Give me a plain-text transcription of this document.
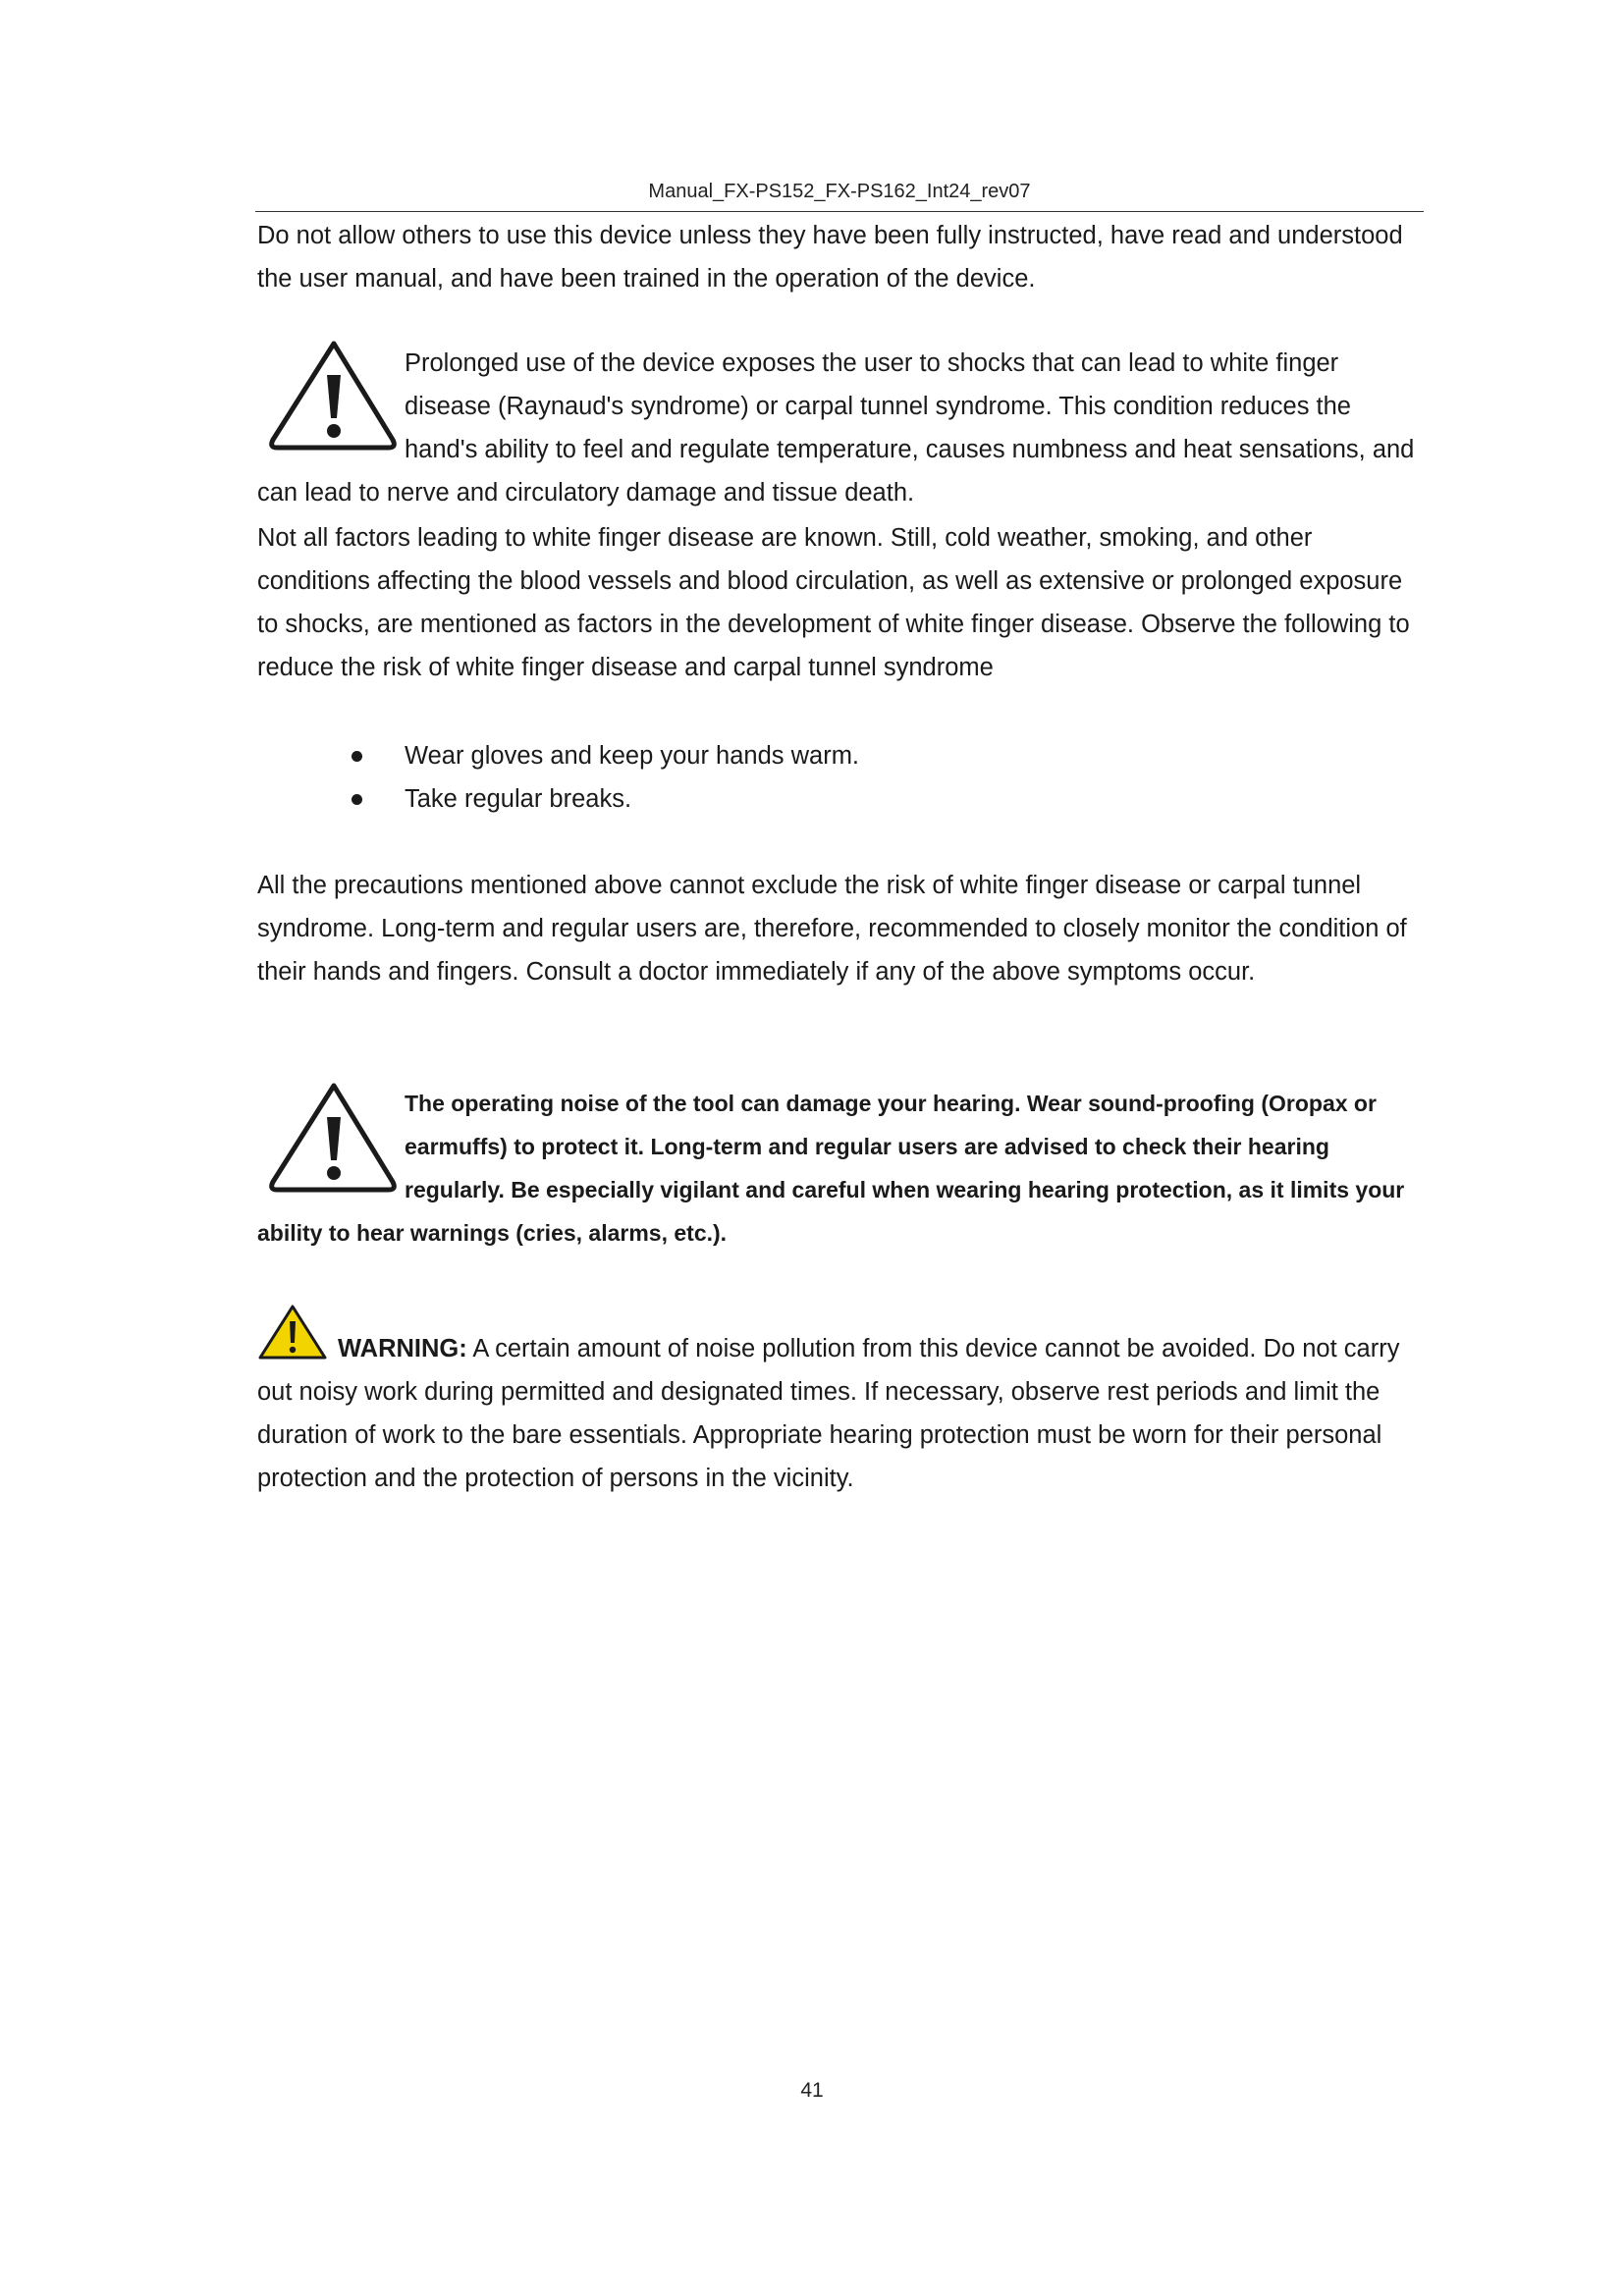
Manual_FX-PS152_FX-PS162_Int24_rev07

Do not allow others to use this device unless they have been fully instructed, have read and understood the user manual, and have been trained in the operation of the device.

Prolonged use of the device exposes the user to shocks that can lead to white finger disease (Raynaud's syndrome) or carpal tunnel syndrome. This condition reduces the hand's ability to feel and regulate temperature, causes numbness and heat sensations, and can lead to nerve and circulatory damage and tissue death.

Not all factors leading to white finger disease are known. Still, cold weather, smoking, and other conditions affecting the blood vessels and blood circulation, as well as extensive or prolonged exposure to shocks, are mentioned as factors in the development of white finger disease. Observe the following to reduce the risk of white finger disease and carpal tunnel syndrome

Wear gloves and keep your hands warm.
Take regular breaks.

All the precautions mentioned above cannot exclude the risk of white finger disease or carpal tunnel syndrome. Long-term and regular users are, therefore, recommended to closely monitor the condition of their hands and fingers. Consult a doctor immediately if any of the above symptoms occur.

The operating noise of the tool can damage your hearing. Wear sound-proofing (Oropax or earmuffs) to protect it. Long-term and regular users are advised to check their hearing regularly. Be especially vigilant and careful when wearing hearing protection, as it limits your ability to hear warnings (cries, alarms, etc.).

WARNING: A certain amount of noise pollution from this device cannot be avoided. Do not carry out noisy work during permitted and designated times. If necessary, observe rest periods and limit the duration of work to the bare essentials. Appropriate hearing protection must be worn for their personal protection and the protection of persons in the vicinity.

41
